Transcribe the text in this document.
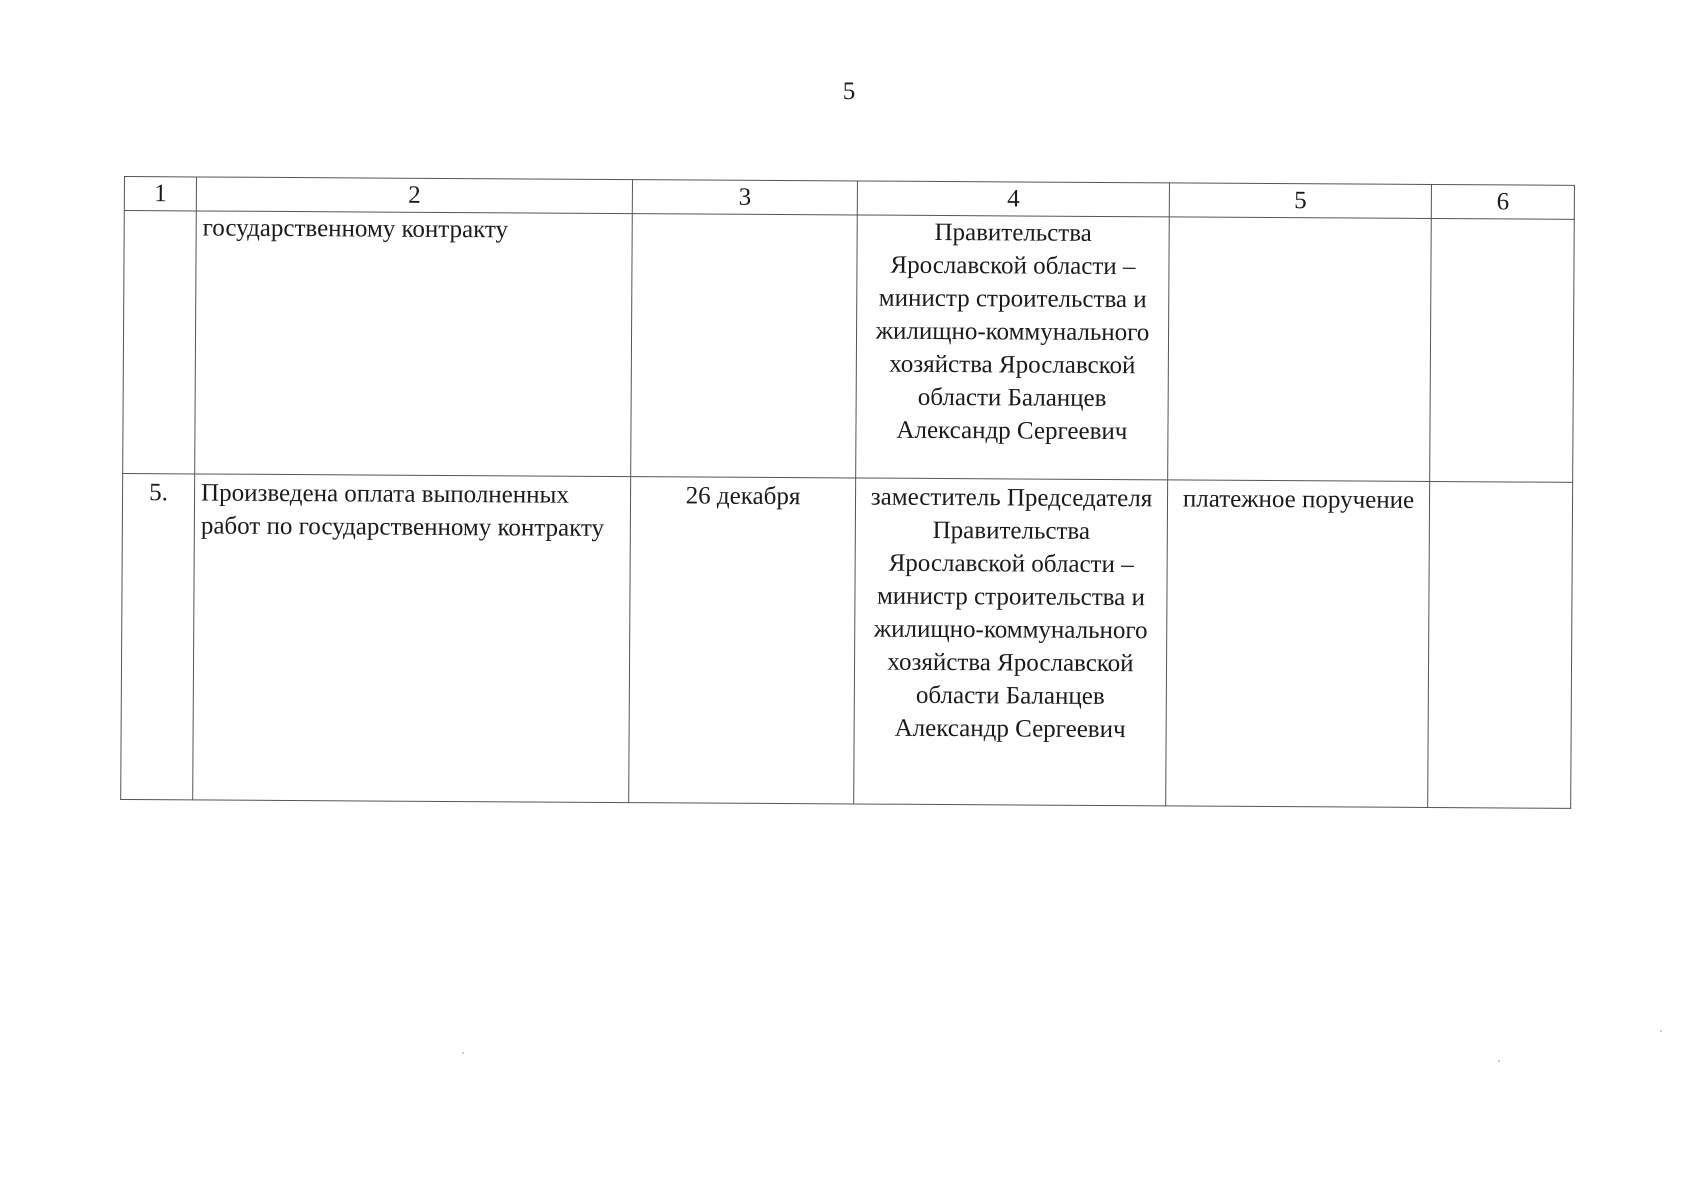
5
1	2	3	4	5	6
	государственному контракту		Правительства Ярославской области – министр строительства и жилищно-коммунального хозяйства Ярославской области Баланцев Александр Сергеевич		
5.	Произведена оплата выполненных работ по государственному контракту	26 декабря	заместитель Председателя Правительства Ярославской области – министр строительства и жилищно-коммунального хозяйства Ярославской области Баланцев Александр Сергеевич	платежное поручение	
